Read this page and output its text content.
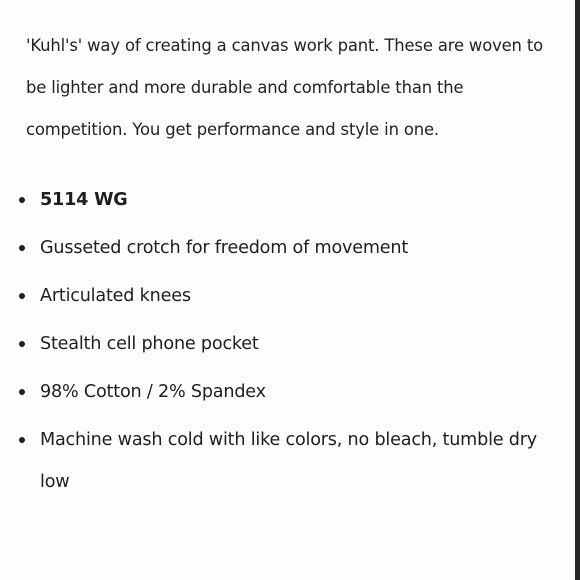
'Kuhl's' way of creating a canvas work pant. These are woven to be lighter and more durable and comfortable than the competition. You get performance and style in one.

5114 WG
Gusseted crotch for freedom of movement
Articulated knees
Stealth cell phone pocket
98% Cotton / 2% Spandex
Machine wash cold with like colors, no bleach, tumble dry low
